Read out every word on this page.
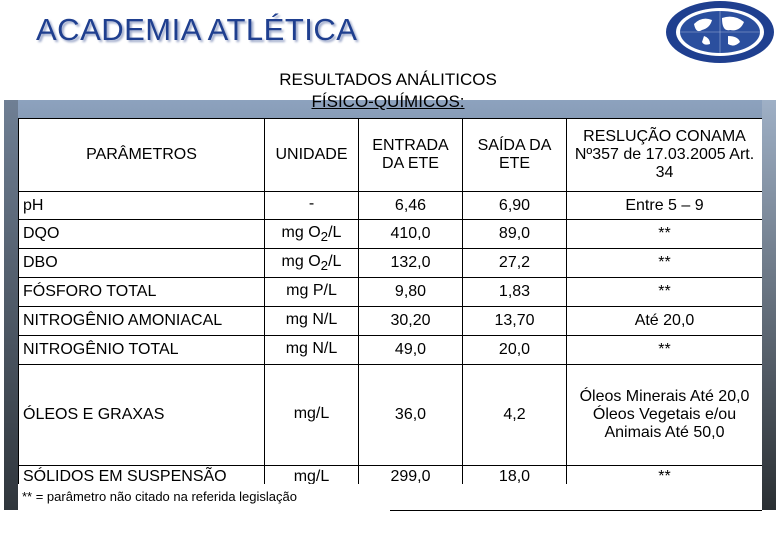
ACADEMIA ATLÉTICA
RESULTADOS ANÁLITICOS
FÍSICO-QUÍMICOS:
PARÂMETROS	UNIDADE	ENTRADA DA ETE	SAÍDA DA ETE	RESLUÇÃO CONAMA Nº357 de 17.03.2005 Art. 34
pH	-	6,46	6,90	Entre 5 – 9
DQO	mg $O_2/L$	410,0	89,0	**
DBO	mg $O_2/L$	132,0	27,2	**
FÓSFORO TOTAL	mg P/L	9,80	1,83	**
NITROGÊNIO AMONIACAL	mg N/L	30,20	13,70	Até 20,0
NITROGÊNIO TOTAL	mg N/L	49,0	20,0	**
ÓLEOS E GRAXAS	mg/L	36,0	4,2	Óleos Minerais Até 20,0 Óleos Vegetais e/ou Animais Até 50,0
SÓLIDOS EM SUSPENSÃO	mg/L	299,0	18,0	**
** = parâmetro não citado na referida legislação
